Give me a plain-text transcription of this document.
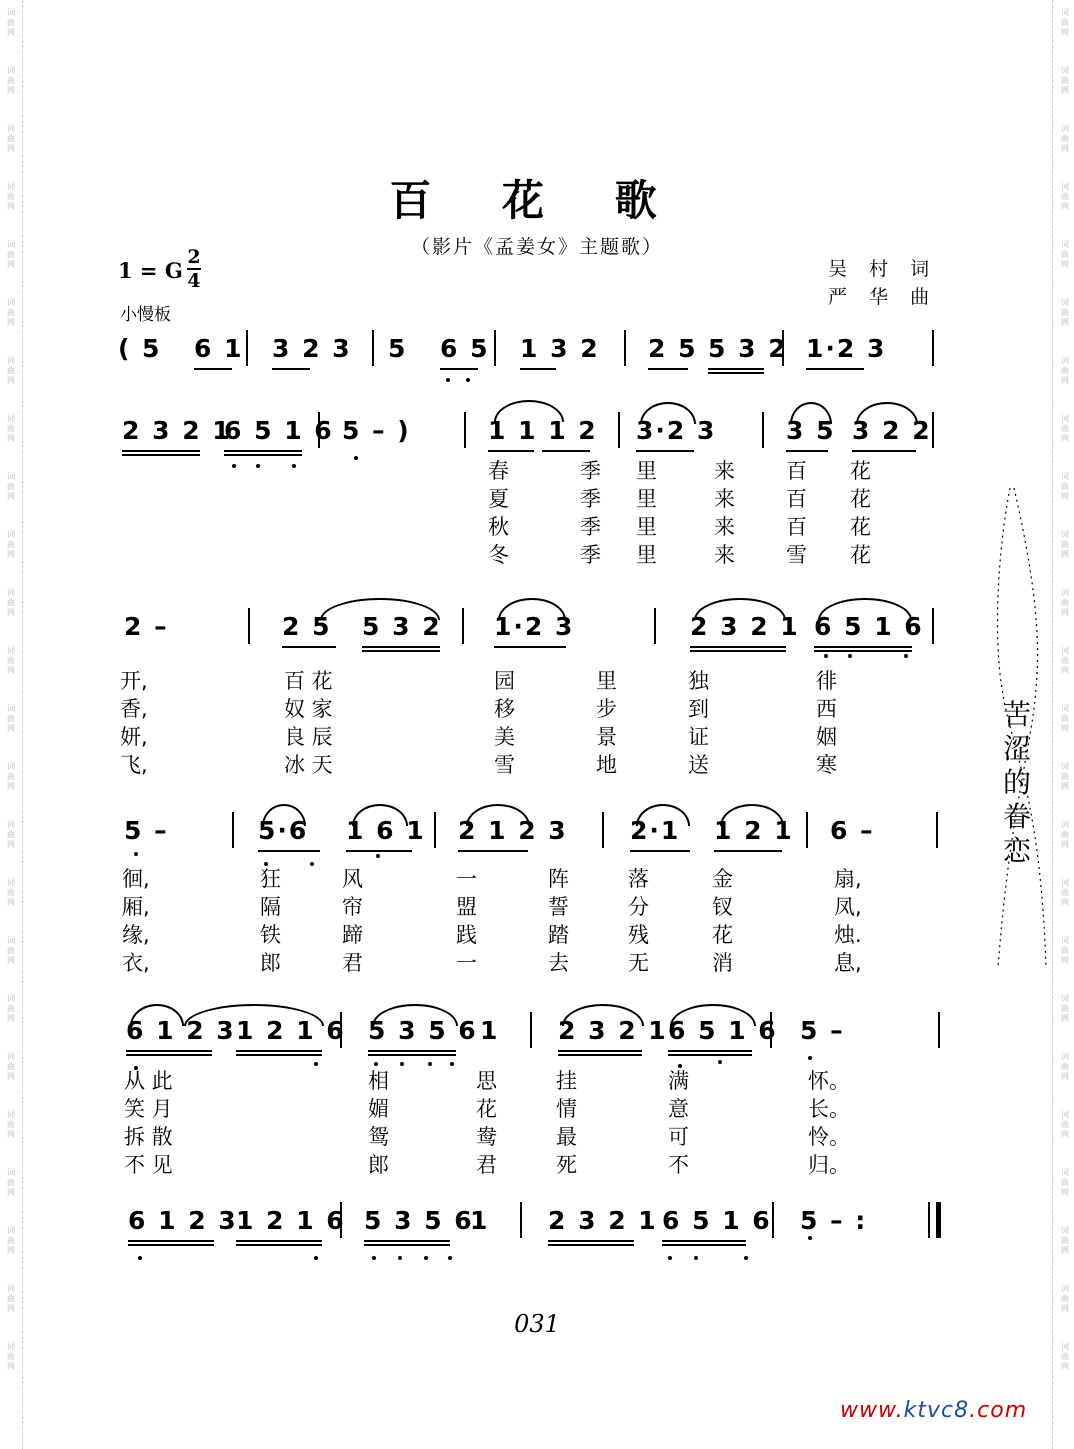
词
曲
网
词
曲
网
词
曲
网
词
曲
网
词
曲
网
词
曲
网
词
曲
网
词
曲
网
词
曲
网
词
曲
网
词
曲
网
词
曲
网
词
曲
网
词
曲
网
词
曲
网
词
曲
网
词
曲
网
词
曲
网
词
曲
网
词
曲
网
词
曲
网
词
曲
网
词
曲
网
词
曲
网
词
曲
网
词
曲
网
词
曲
网
词
曲
网
词
曲
网
词
曲
网
词
曲
网
词
曲
网
词
曲
网
词
曲
网
词
曲
网
词
曲
网
词
曲
网
词
曲
网
词
曲
网
词
曲
网
词
曲
网
词
曲
网
词
曲
网
词
曲
网
词
曲
网
词
曲
网
词
曲
网
词
曲
网
百 花 歌
（影片《孟姜女》主题歌）
1 = G
2
4
小慢板
吴 村 词
严 华 曲
( 5 6 1 3 2 3 5 6 5 1 3 2 2 5 5 3 2 1·2 3
2 3 2 1
6 5 1 6 5 – )	1 1 1 2 3·2 3	3 5 3 2 2
春	季 里	来 百 花
夏	季 里	来 百 花
秋	季 里	来 百 花
冬	季 里	来 雪 花
2 –	2 5 5 3 2 1·2 3	2 3 2 1 6 5 1 6
开,	百 花	园	里	独	徘
香,	奴 家	移	步	到	西
妍,	良 辰	美	景	证	姻
飞,	冰 天	雪	地	送	寒
5 –	5·6 1 6 1 2 1 2 3 2·1 1 2 1 6 –
徊,	狂	风	一	阵	落	金	扇,
厢,	隔	帘	盟	誓	分	钗	凤,
缘,	铁	蹄	践	踏	残	花	烛.
衣,	郎	君	一	去	无	消	息,
6 1 2 3 1 2 1 6 5 3 5 6 1 2 3 2 1 6 5 1 6 5 –
从 此	相	思	挂	满	怀。
笑 月	媚	花	情	意	长。
拆 散	鸳	鸯	最	可	怜。
不 见	郎	君	死	不	归。
6 1 2 3
1 2 1 6 5 3 5 6
1 2 3 2 1 6 5 1 6 5 – :
苦
涩
的
眷
恋
031
www.ktvc8.com
